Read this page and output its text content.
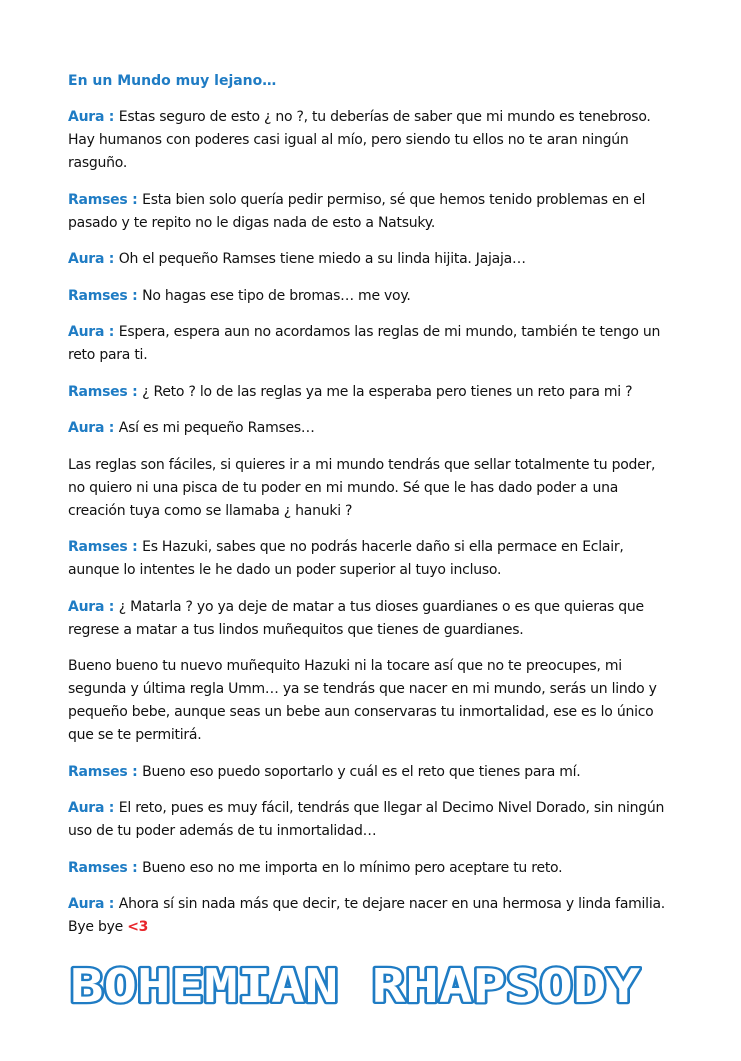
En un Mundo muy lejano…

Aura : Estas seguro de esto ¿ no ?, tu deberías de saber que mi mundo es tenebroso. Hay humanos con poderes casi igual al mío, pero siendo tu ellos no te aran ningún rasguño.

Ramses : Esta bien solo quería pedir permiso, sé que hemos tenido problemas en el pasado y te repito no le digas nada de esto a Natsuky.

Aura : Oh el pequeño Ramses tiene miedo a su linda hijita. Jajaja…

Ramses : No hagas ese tipo de bromas… me voy.

Aura : Espera, espera aun no acordamos las reglas de mi mundo, también te tengo un reto para ti.

Ramses : ¿ Reto ? lo de las reglas ya me la esperaba pero tienes un reto para mi ?

Aura : Así es mi pequeño Ramses…

Las reglas son fáciles, si quieres ir a mi mundo tendrás que sellar totalmente tu poder, no quiero ni una pisca de tu poder en mi mundo. Sé que le has dado poder a una creación tuya como se llamaba ¿ hanuki ?

Ramses : Es Hazuki, sabes que no podrás hacerle daño si ella permace en Eclair, aunque lo intentes le he dado un poder superior al tuyo incluso.

Aura : ¿ Matarla ? yo ya deje de matar a tus dioses guardianes o es que quieras que regrese a matar a tus lindos muñequitos que tienes de guardianes.

Bueno bueno tu nuevo muñequito Hazuki ni la tocare así que no te preocupes, mi segunda y última regla Umm… ya se tendrás que nacer en mi mundo, serás un lindo y pequeño bebe, aunque seas un bebe aun conservaras tu inmortalidad, ese es lo único que se te permitirá.

Ramses : Bueno eso puedo soportarlo y cuál es el reto que tienes para mí.

Aura : El reto, pues es muy fácil, tendrás que llegar al Decimo Nivel Dorado, sin ningún uso de tu poder además de tu inmortalidad…

Ramses : Bueno eso no me importa en lo mínimo pero aceptare tu reto.

Aura : Ahora sí sin nada más que decir, te dejare nacer en una hermosa y linda familia. Bye bye <3

BOHEMIAN RHAPSODY
